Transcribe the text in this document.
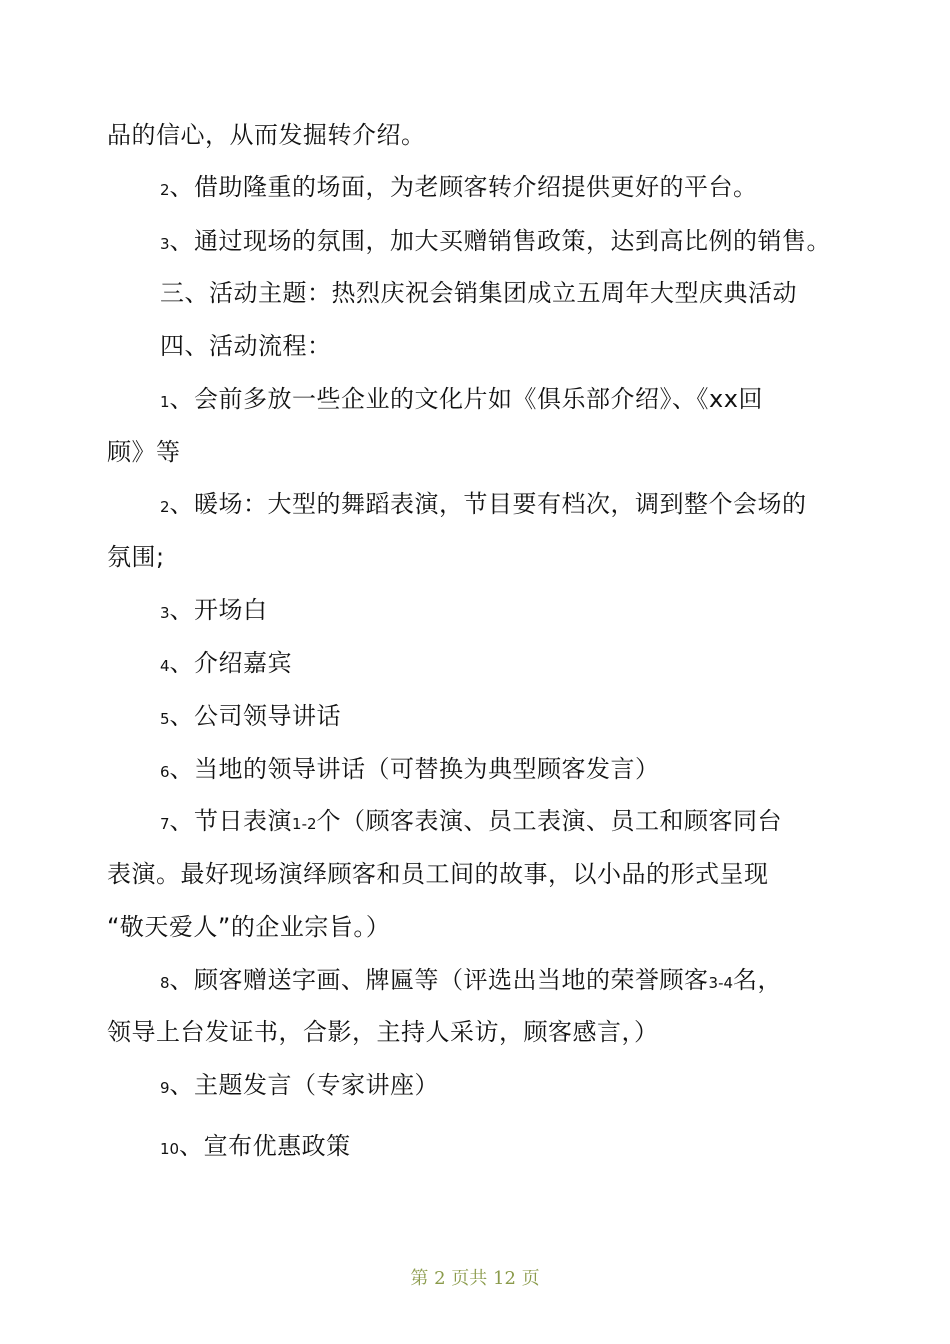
品的信心，从而发掘转介绍。
2、借助隆重的场面，为老顾客转介绍提供更好的平台。
3、通过现场的氛围，加大买赠销售政策，达到高比例的销售。
三、活动主题：热烈庆祝会销集团成立五周年大型庆典活动
四、活动流程：
1、会前多放一些企业的文化片如《俱乐部介绍》、《xx回
顾》等
2、暖场：大型的舞蹈表演，节目要有档次，调到整个会场的
氛围;
3、开场白
4、介绍嘉宾
5、公司领导讲话
6、当地的领导讲话（可替换为典型顾客发言）
7、节日表演1-2个（顾客表演、员工表演、员工和顾客同台
表演。最好现场演绎顾客和员工间的故事，以小品的形式呈现
“敬天爱人”的企业宗旨。）
8、顾客赠送字画、牌匾等（评选出当地的荣誉顾客3-4名，
领导上台发证书，合影，主持人采访，顾客感言，）
9、主题发言（专家讲座）
10、宣布优惠政策
第 2 页共 12 页
